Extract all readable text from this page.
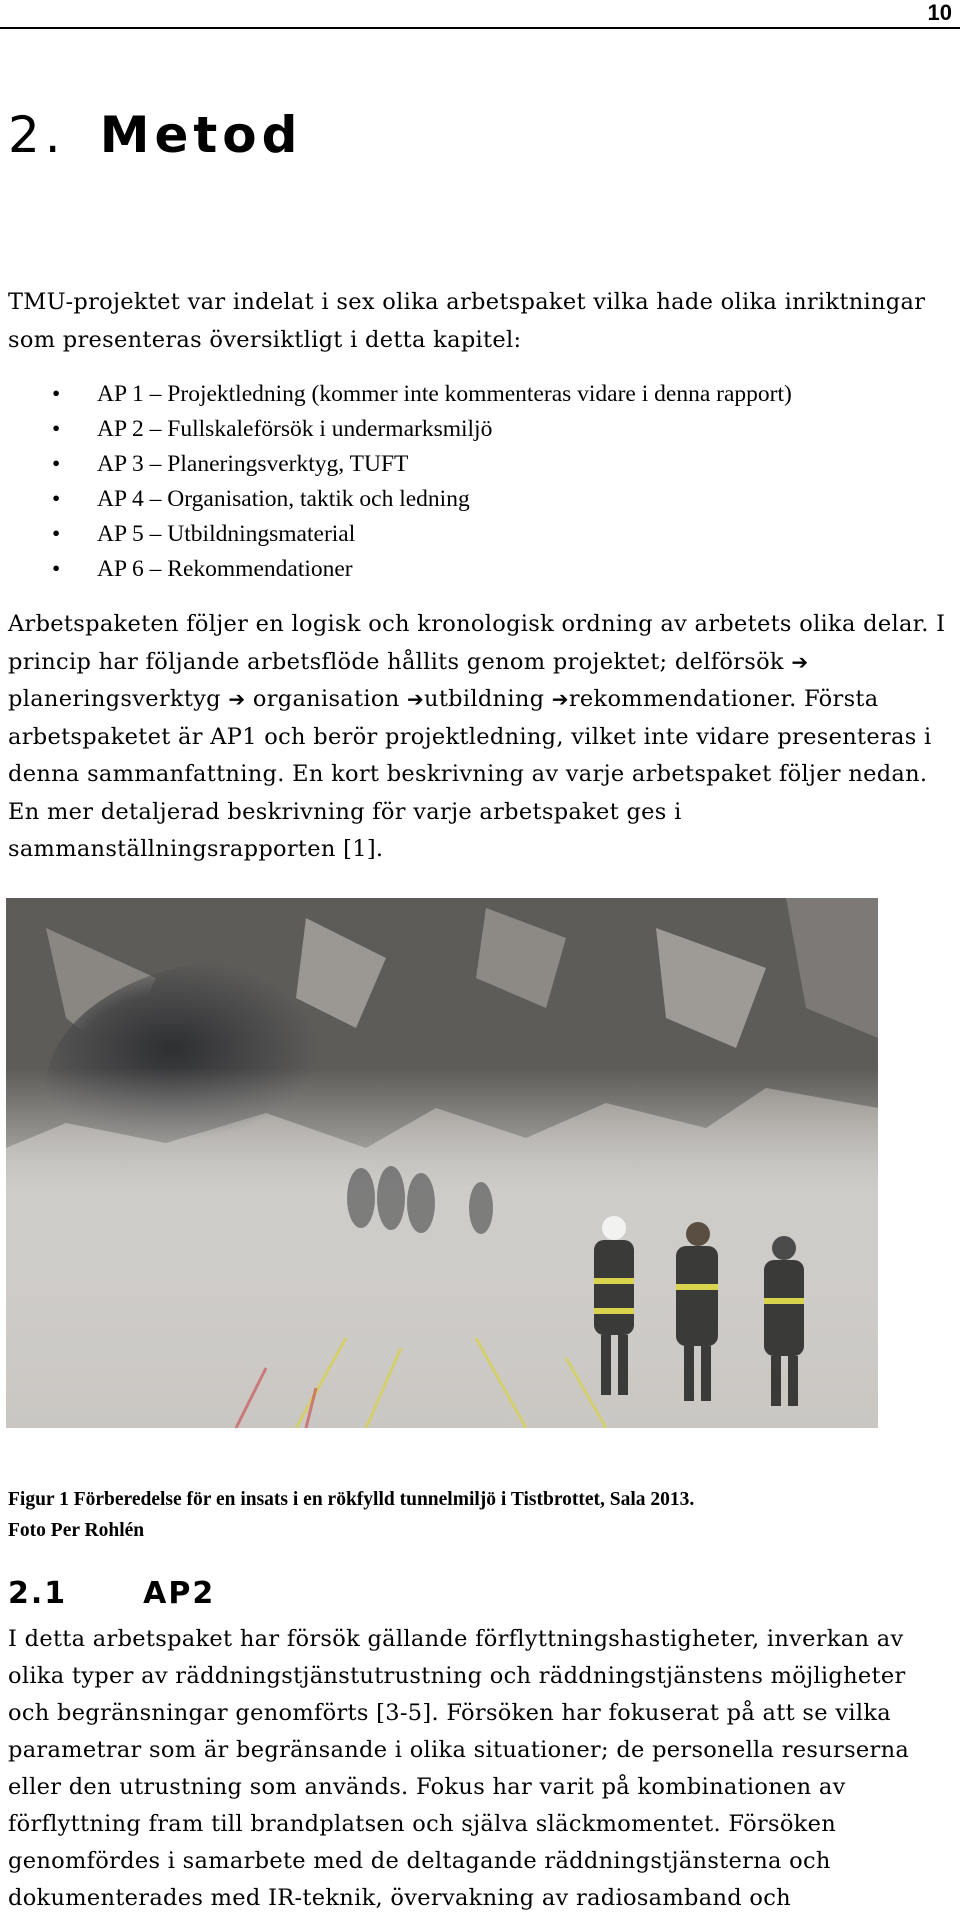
10
2. Metod

TMU-projektet var indelat i sex olika arbetspaket vilka hade olika inriktningar
som presenteras översiktligt i detta kapitel:

• AP 1 – Projektledning (kommer inte kommenteras vidare i denna rapport)
• AP 2 – Fullskaleförsök i undermarksmiljö
• AP 3 – Planeringsverktyg, TUFT
• AP 4 – Organisation, taktik och ledning
• AP 5 – Utbildningsmaterial
• AP 6 – Rekommendationer

Arbetspaketen följer en logisk och kronologisk ordning av arbetets olika delar. I
princip har följande arbetsflöde hållits genom projektet; delförsök ➔
planeringsverktyg ➔ organisation ➔utbildning ➔rekommendationer. Första
arbetspaketet är AP1 och berör projektledning, vilket inte vidare presenteras i
denna sammanfattning. En kort beskrivning av varje arbetspaket följer nedan.
En mer detaljerad beskrivning för varje arbetspaket ges i
sammanställningsrapporten [1].

Figur 1 Förberedelse för en insats i en rökfylld tunnelmiljö i Tistbrottet, Sala 2013.
Foto Per Rohlén

2.1	AP2

I detta arbetspaket har försök gällande förflyttningshastigheter, inverkan av
olika typer av räddningstjänstutrustning och räddningstjänstens möjligheter
och begränsningar genomförts [3-5]. Försöken har fokuserat på att se vilka
parametrar som är begränsande i olika situationer; de personella resurserna
eller den utrustning som används. Fokus har varit på kombinationen av
förflyttning fram till brandplatsen och själva släckmomentet. Försöken
genomfördes i samarbete med de deltagande räddningstjänsterna och
dokumenterades med IR-teknik, övervakning av radiosamband och
